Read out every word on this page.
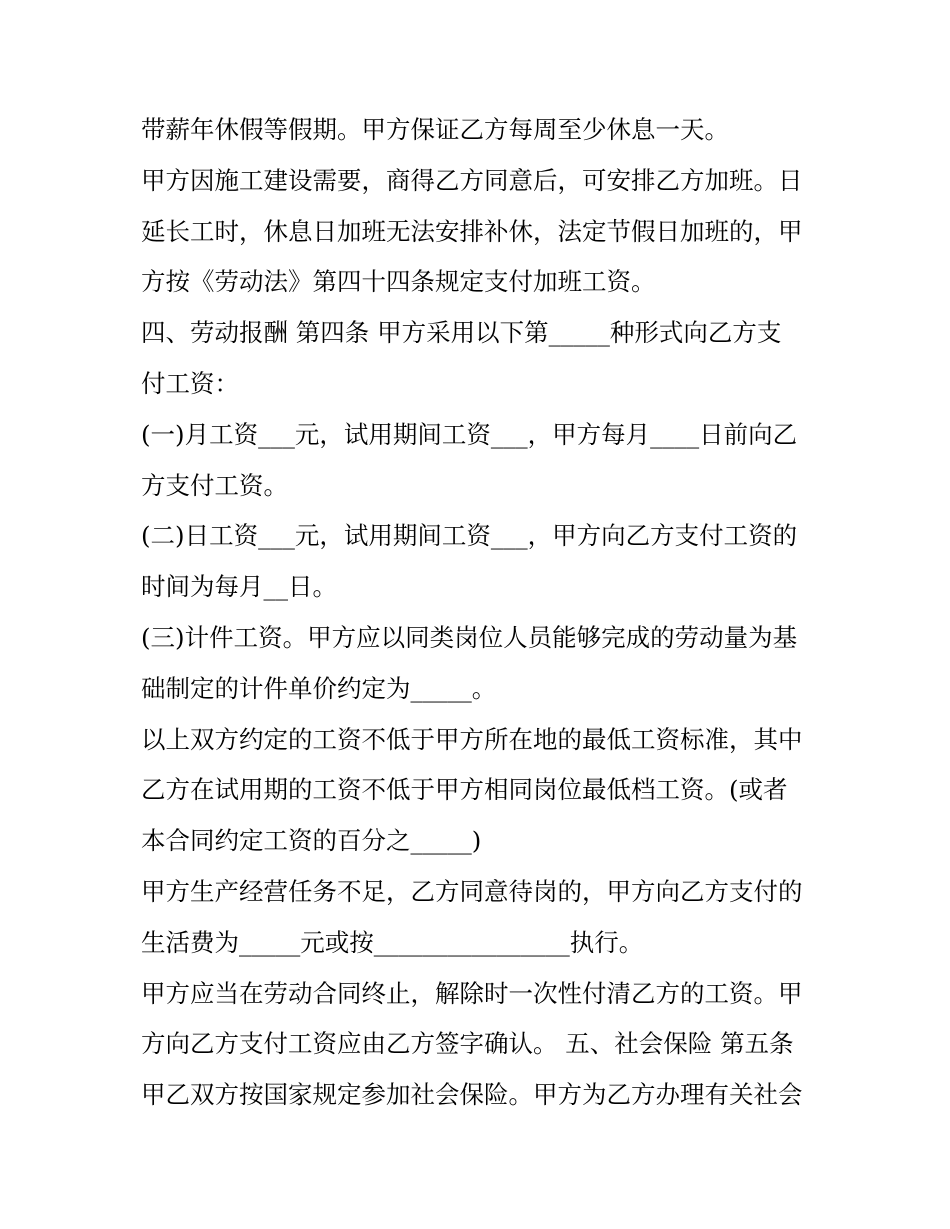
带薪年休假等假期。甲方保证乙方每周至少休息一天。
甲方因施工建设需要，商得乙方同意后，可安排乙方加班。日
延长工时，休息日加班无法安排补休，法定节假日加班的，甲
方按《劳动法》第四十四条规定支付加班工资。
四、劳动报酬 第四条 甲方采用以下第_____种形式向乙方支
付工资：
(一)月工资___元，试用期间工资___，甲方每月____日前向乙
方支付工资。
(二)日工资___元，试用期间工资___，甲方向乙方支付工资的
时间为每月__日。
(三)计件工资。甲方应以同类岗位人员能够完成的劳动量为基
础制定的计件单价约定为_____。
以上双方约定的工资不低于甲方所在地的最低工资标准，其中
乙方在试用期的工资不低于甲方相同岗位最低档工资。(或者
本合同约定工资的百分之_____)
甲方生产经营任务不足，乙方同意待岗的，甲方向乙方支付的
生活费为_____元或按________________执行。
甲方应当在劳动合同终止，解除时一次性付清乙方的工资。甲
方向乙方支付工资应由乙方签字确认。 五、社会保险 第五条
甲乙双方按国家规定参加社会保险。甲方为乙方办理有关社会
